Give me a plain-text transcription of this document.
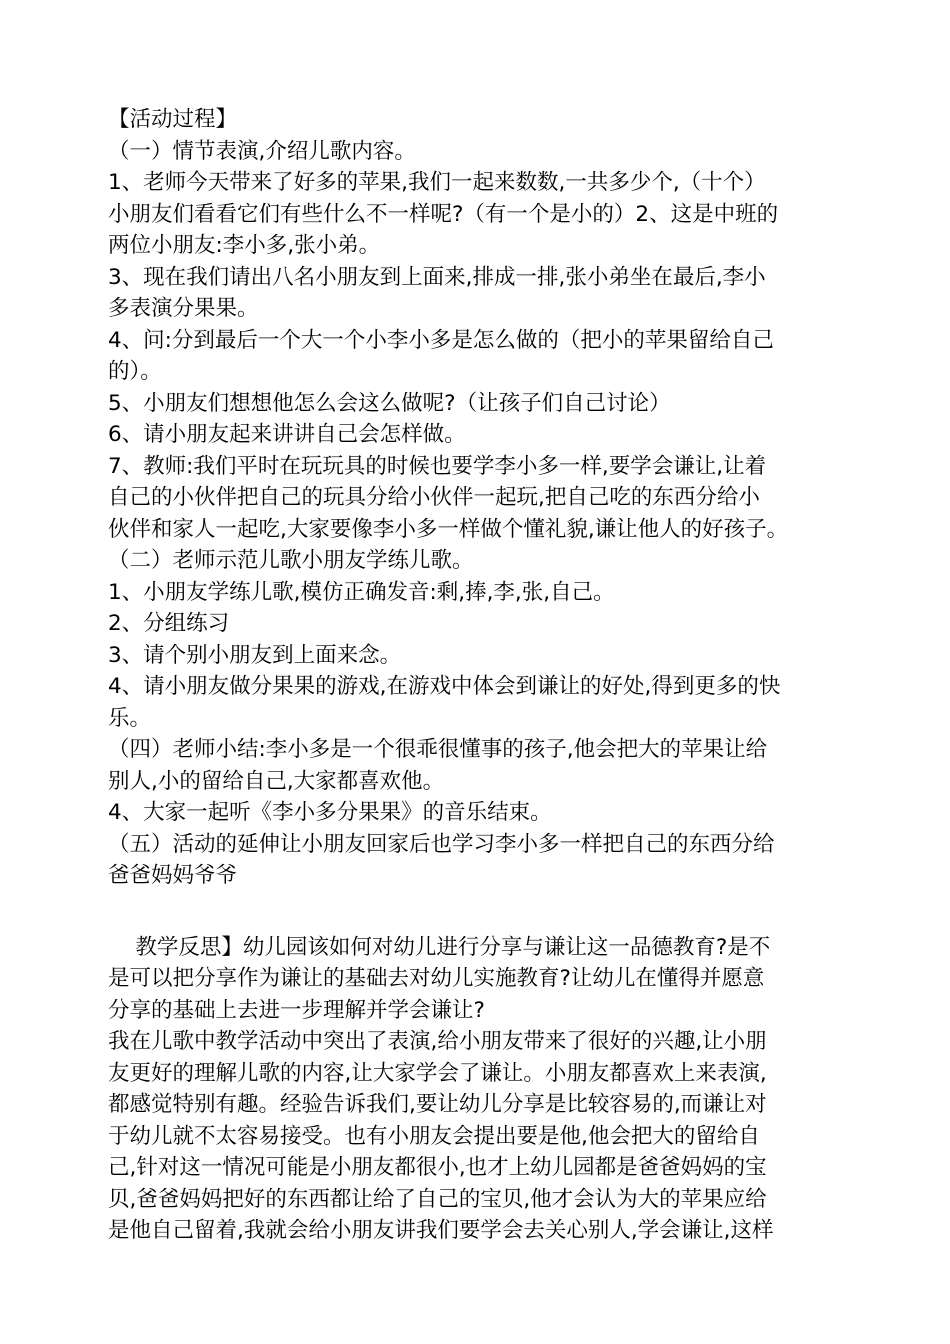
【活动过程】
（一）情节表演,介绍儿歌内容。
1、老师今天带来了好多的苹果,我们一起来数数,一共多少个,（十个）
小朋友们看看它们有些什么不一样呢?（有一个是小的）2、这是中班的
两位小朋友:李小多,张小弟。
3、现在我们请出八名小朋友到上面来,排成一排,张小弟坐在最后,李小
多表演分果果。
4、问:分到最后一个大一个小李小多是怎么做的（把小的苹果留给自己
的）。
5、小朋友们想想他怎么会这么做呢?（让孩子们自己讨论）
6、请小朋友起来讲讲自己会怎样做。
7、教师:我们平时在玩玩具的时候也要学李小多一样,要学会谦让,让着
自己的小伙伴把自己的玩具分给小伙伴一起玩,把自己吃的东西分给小
伙伴和家人一起吃,大家要像李小多一样做个懂礼貌,谦让他人的好孩子。
（二）老师示范儿歌小朋友学练儿歌。
1、小朋友学练儿歌,模仿正确发音:剩,捧,李,张,自己。
2、分组练习
3、请个别小朋友到上面来念。
4、请小朋友做分果果的游戏,在游戏中体会到谦让的好处,得到更多的快
乐。
（四）老师小结:李小多是一个很乖很懂事的孩子,他会把大的苹果让给
别人,小的留给自己,大家都喜欢他。
4、大家一起听《李小多分果果》的音乐结束。
（五）活动的延伸让小朋友回家后也学习李小多一样把自己的东西分给
爸爸妈妈爷爷
教学反思】幼儿园该如何对幼儿进行分享与谦让这一品德教育?是不
是可以把分享作为谦让的基础去对幼儿实施教育?让幼儿在懂得并愿意
分享的基础上去进一步理解并学会谦让?
我在儿歌中教学活动中突出了表演,给小朋友带来了很好的兴趣,让小朋
友更好的理解儿歌的内容,让大家学会了谦让。小朋友都喜欢上来表演,
都感觉特别有趣。经验告诉我们,要让幼儿分享是比较容易的,而谦让对
于幼儿就不太容易接受。也有小朋友会提出要是他,他会把大的留给自
己,针对这一情况可能是小朋友都很小,也才上幼儿园都是爸爸妈妈的宝
贝,爸爸妈妈把好的东西都让给了自己的宝贝,他才会认为大的苹果应给
是他自己留着,我就会给小朋友讲我们要学会去关心别人,学会谦让,这样
